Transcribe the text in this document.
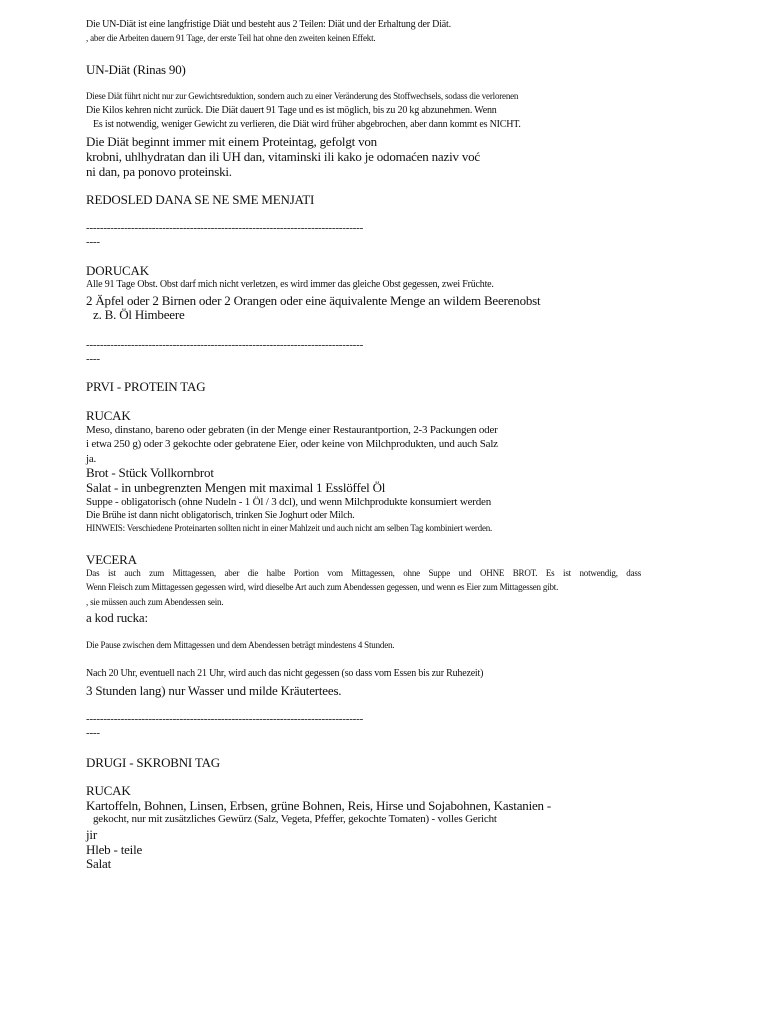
Die UN-Diät ist eine langfristige Diät und besteht aus 2 Teilen: Diät und der Erhaltung der Diät.
, aber die Arbeiten dauern 91 Tage, der erste Teil hat ohne den zweiten keinen Effekt.
UN-Diät (Rinas 90)
Diese Diät führt nicht nur zur Gewichtsreduktion, sondern auch zu einer Veränderung des Stoffwechsels, sodass die verlorenen
Die Kilos kehren nicht zurück. Die Diät dauert 91 Tage und es ist möglich, bis zu 20 kg abzunehmen. Wenn
Es ist notwendig, weniger Gewicht zu verlieren, die Diät wird früher abgebrochen, aber dann kommt es NICHT.
Die Diät beginnt immer mit einem Proteintag, gefolgt von
krobni, uhlhydratan dan ili UH dan, vitaminski ili kako je odomaćen naziv voć
ni dan, pa ponovo proteinski.
REDOSLED DANA SE NE SME MENJATI
--------------------------------------------------------------------------------
----
DORUCAK
Alle 91 Tage Obst. Obst darf mich nicht verletzen, es wird immer das gleiche Obst gegessen, zwei Früchte.
2 Äpfel oder 2 Birnen oder 2 Orangen oder eine äquivalente Menge an wildem Beerenobst
z. B. Öl Himbeere
--------------------------------------------------------------------------------
----
PRVI - PROTEIN TAG
RUCAK
Meso, dinstano, bareno oder gebraten (in der Menge einer Restaurantportion, 2-3 Packungen oder
i etwa 250 g) oder 3 gekochte oder gebratene Eier, oder keine von Milchprodukten, und auch Salz
ja.
Brot - Stück Vollkornbrot
Salat - in unbegrenzten Mengen mit maximal 1 Esslöffel Öl
Suppe - obligatorisch (ohne Nudeln - 1 Öl / 3 dcl), und wenn Milchprodukte konsumiert werden
Die Brühe ist dann nicht obligatorisch, trinken Sie Joghurt oder Milch.
HINWEIS: Verschiedene Proteinarten sollten nicht in einer Mahlzeit und auch nicht am selben Tag kombiniert werden.
VECERA
Das ist auch zum Mittagessen, aber die halbe Portion vom Mittagessen, ohne Suppe und OHNE BROT. Es ist notwendig, dass
Wenn Fleisch zum Mittagessen gegessen wird, wird dieselbe Art auch zum Abendessen gegessen, und wenn es Eier zum Mittagessen gibt.
, sie müssen auch zum Abendessen sein.
a kod rucka:
Die Pause zwischen dem Mittagessen und dem Abendessen beträgt mindestens 4 Stunden.
Nach 20 Uhr, eventuell nach 21 Uhr, wird auch das nicht gegessen (so dass vom Essen bis zur Ruhezeit)
3 Stunden lang) nur Wasser und milde Kräutertees.
--------------------------------------------------------------------------------
----
DRUGI - SKROBNI TAG
RUCAK
Kartoffeln, Bohnen, Linsen, Erbsen, grüne Bohnen, Reis, Hirse und Sojabohnen, Kastanien -
gekocht, nur mit zusätzliches Gewürz (Salz, Vegeta, Pfeffer, gekochte Tomaten) - volles Gericht
jir
Hleb - teile
Salat
